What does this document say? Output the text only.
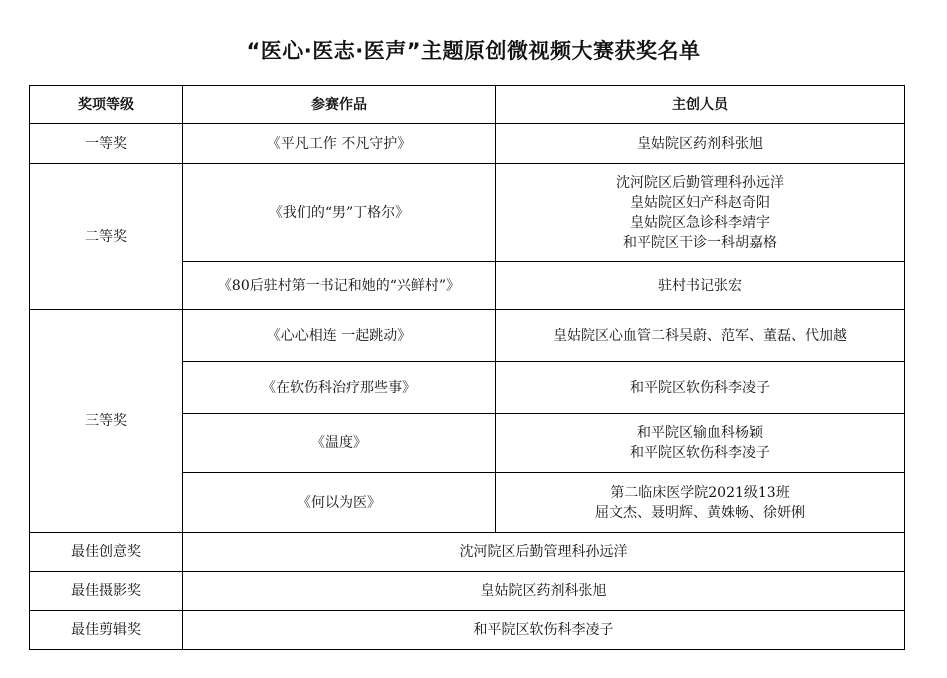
“医心·医志·医声”主题原创微视频大赛获奖名单
奖项等级	参赛作品	主创人员
一等奖	《平凡工作 不凡守护》	皇姑院区药剂科张旭

二等奖	《我们的“男”丁格尔》	沈河院区后勤管理科孙远洋
皇姑院区妇产科赵奇阳
皇姑院区急诊科李靖宇
和平院区干诊一科胡嘉格

	《80后驻村第一书记和她的“兴鲜村”》	驻村书记张宏

三等奖	《心心相连 一起跳动》	皇姑院区心血管二科吴蔚、范军、董磊、代加越

	《在软伤科治疗那些事》	和平院区软伤科李凌子

	《温度》	和平院区输血科杨颖
和平院区软伤科李凌子

	《何以为医》	第二临床医学院2021级13班
屈文杰、聂明辉、黄姝畅、徐妍俐

最佳创意奖	沈河院区后勤管理科孙远洋	
最佳摄影奖	皇姑院区药剂科张旭	
最佳剪辑奖	和平院区软伤科李凌子	
